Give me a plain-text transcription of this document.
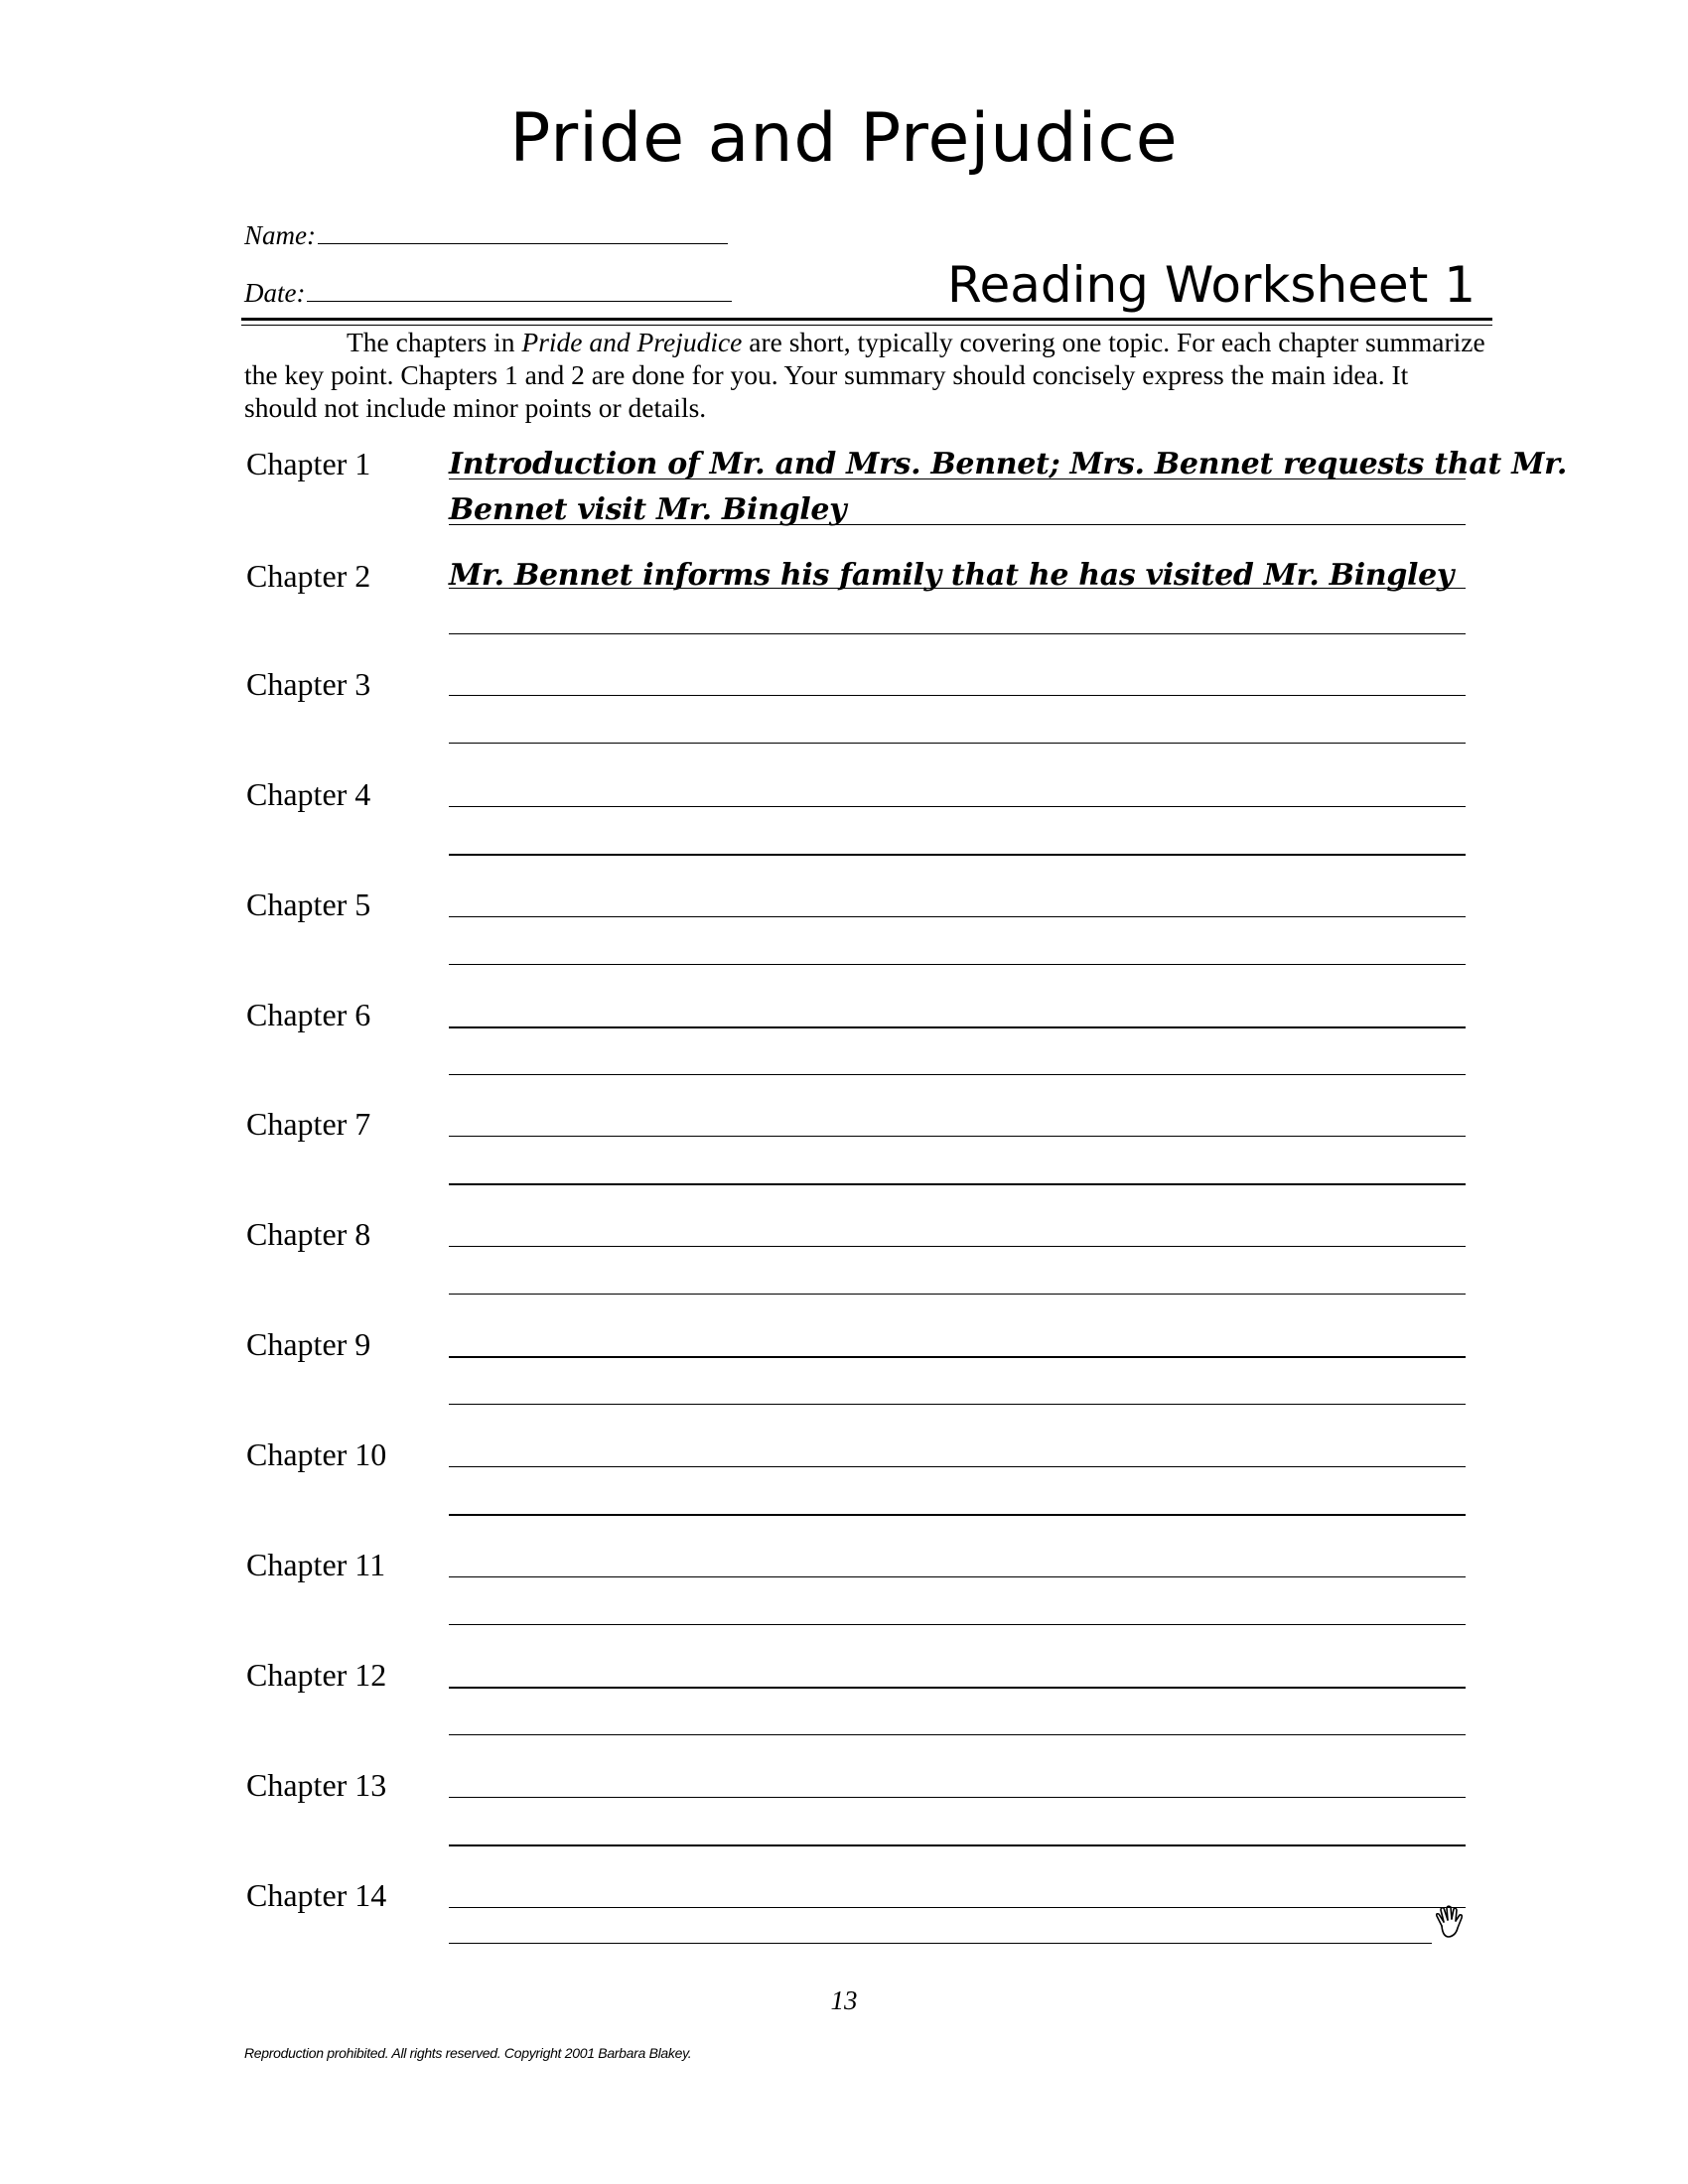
Pride and Prejudice
Name:
Date:	Reading Worksheet 1

The chapters in Pride and Prejudice are short, typically covering one topic. For each chapter summarize the key point. Chapters 1 and 2 are done for you. Your summary should concisely express the main idea. It should not include minor points or details.

Chapter 1
Chapter 2
Chapter 3
Chapter 4
Chapter 5
Chapter 6
Chapter 7
Chapter 8
Chapter 9
Chapter 10
Chapter 11
Chapter 12
Chapter 13
Chapter 14
Introduction of Mr. and Mrs. Bennet; Mrs. Bennet requests that Mr.
Bennet visit Mr. Bingley
Mr. Bennet informs his family that he has visited Mr. Bingley
13
Reproduction prohibited. All rights reserved. Copyright 2001 Barbara Blakey.
